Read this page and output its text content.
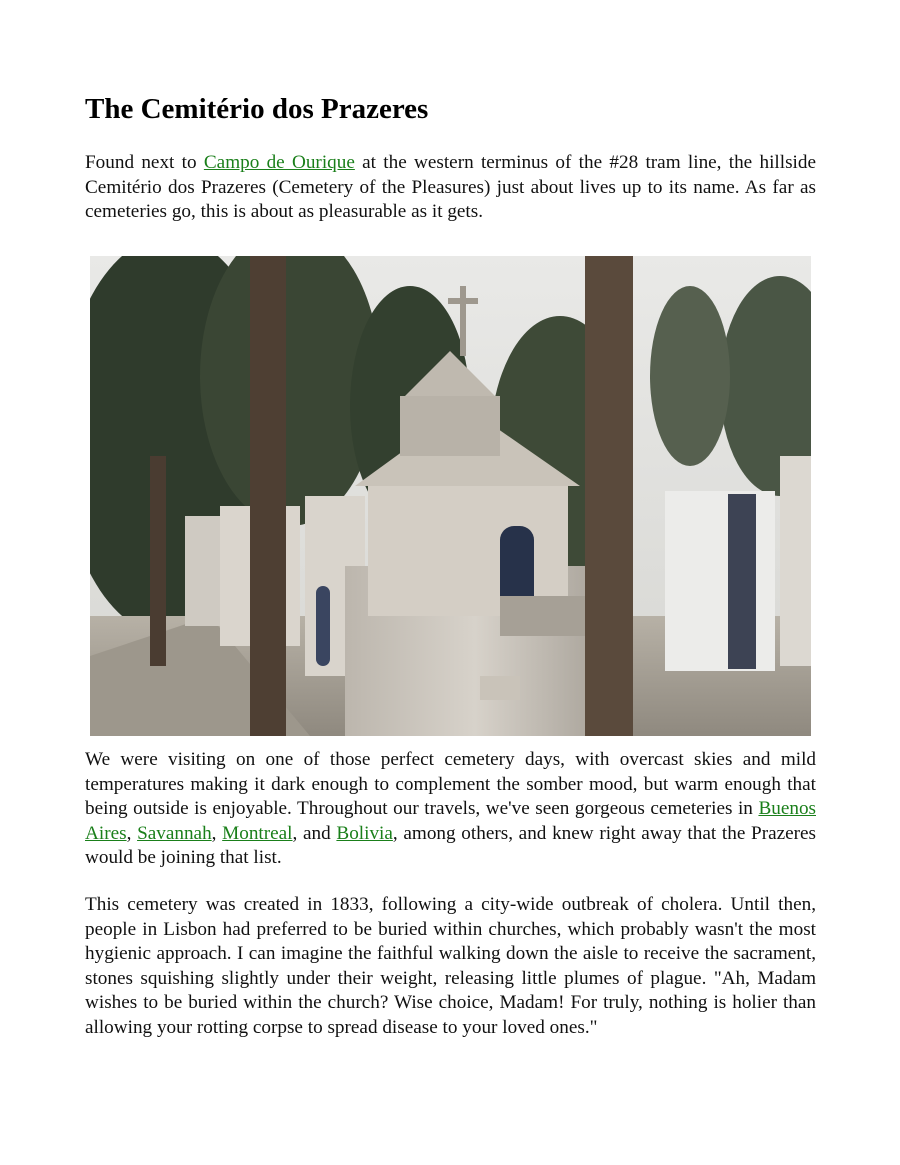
The Cemitério dos Prazeres

Found next to Campo de Ourique at the western terminus of the #28 tram line, the hillside Cemitério dos Prazeres (Cemetery of the Pleasures) just about lives up to its name. As far as cemeteries go, this is about as pleasurable as it gets.

We were visiting on one of those perfect cemetery days, with overcast skies and mild temperatures making it dark enough to complement the somber mood, but warm enough that being outside is enjoyable. Throughout our travels, we've seen gorgeous cemeteries in Buenos Aires, Savannah, Montreal, and Bolivia, among others, and knew right away that the Prazeres would be joining that list.

This cemetery was created in 1833, following a city-wide outbreak of cholera. Until then, people in Lisbon had preferred to be buried within churches, which probably wasn't the most hygienic approach. I can imagine the faithful walking down the aisle to receive the sacrament, stones squishing slightly under their weight, releasing little plumes of plague. "Ah, Madam wishes to be buried within the church? Wise choice, Madam! For truly, nothing is holier than allowing your rotting corpse to spread disease to your loved ones."
